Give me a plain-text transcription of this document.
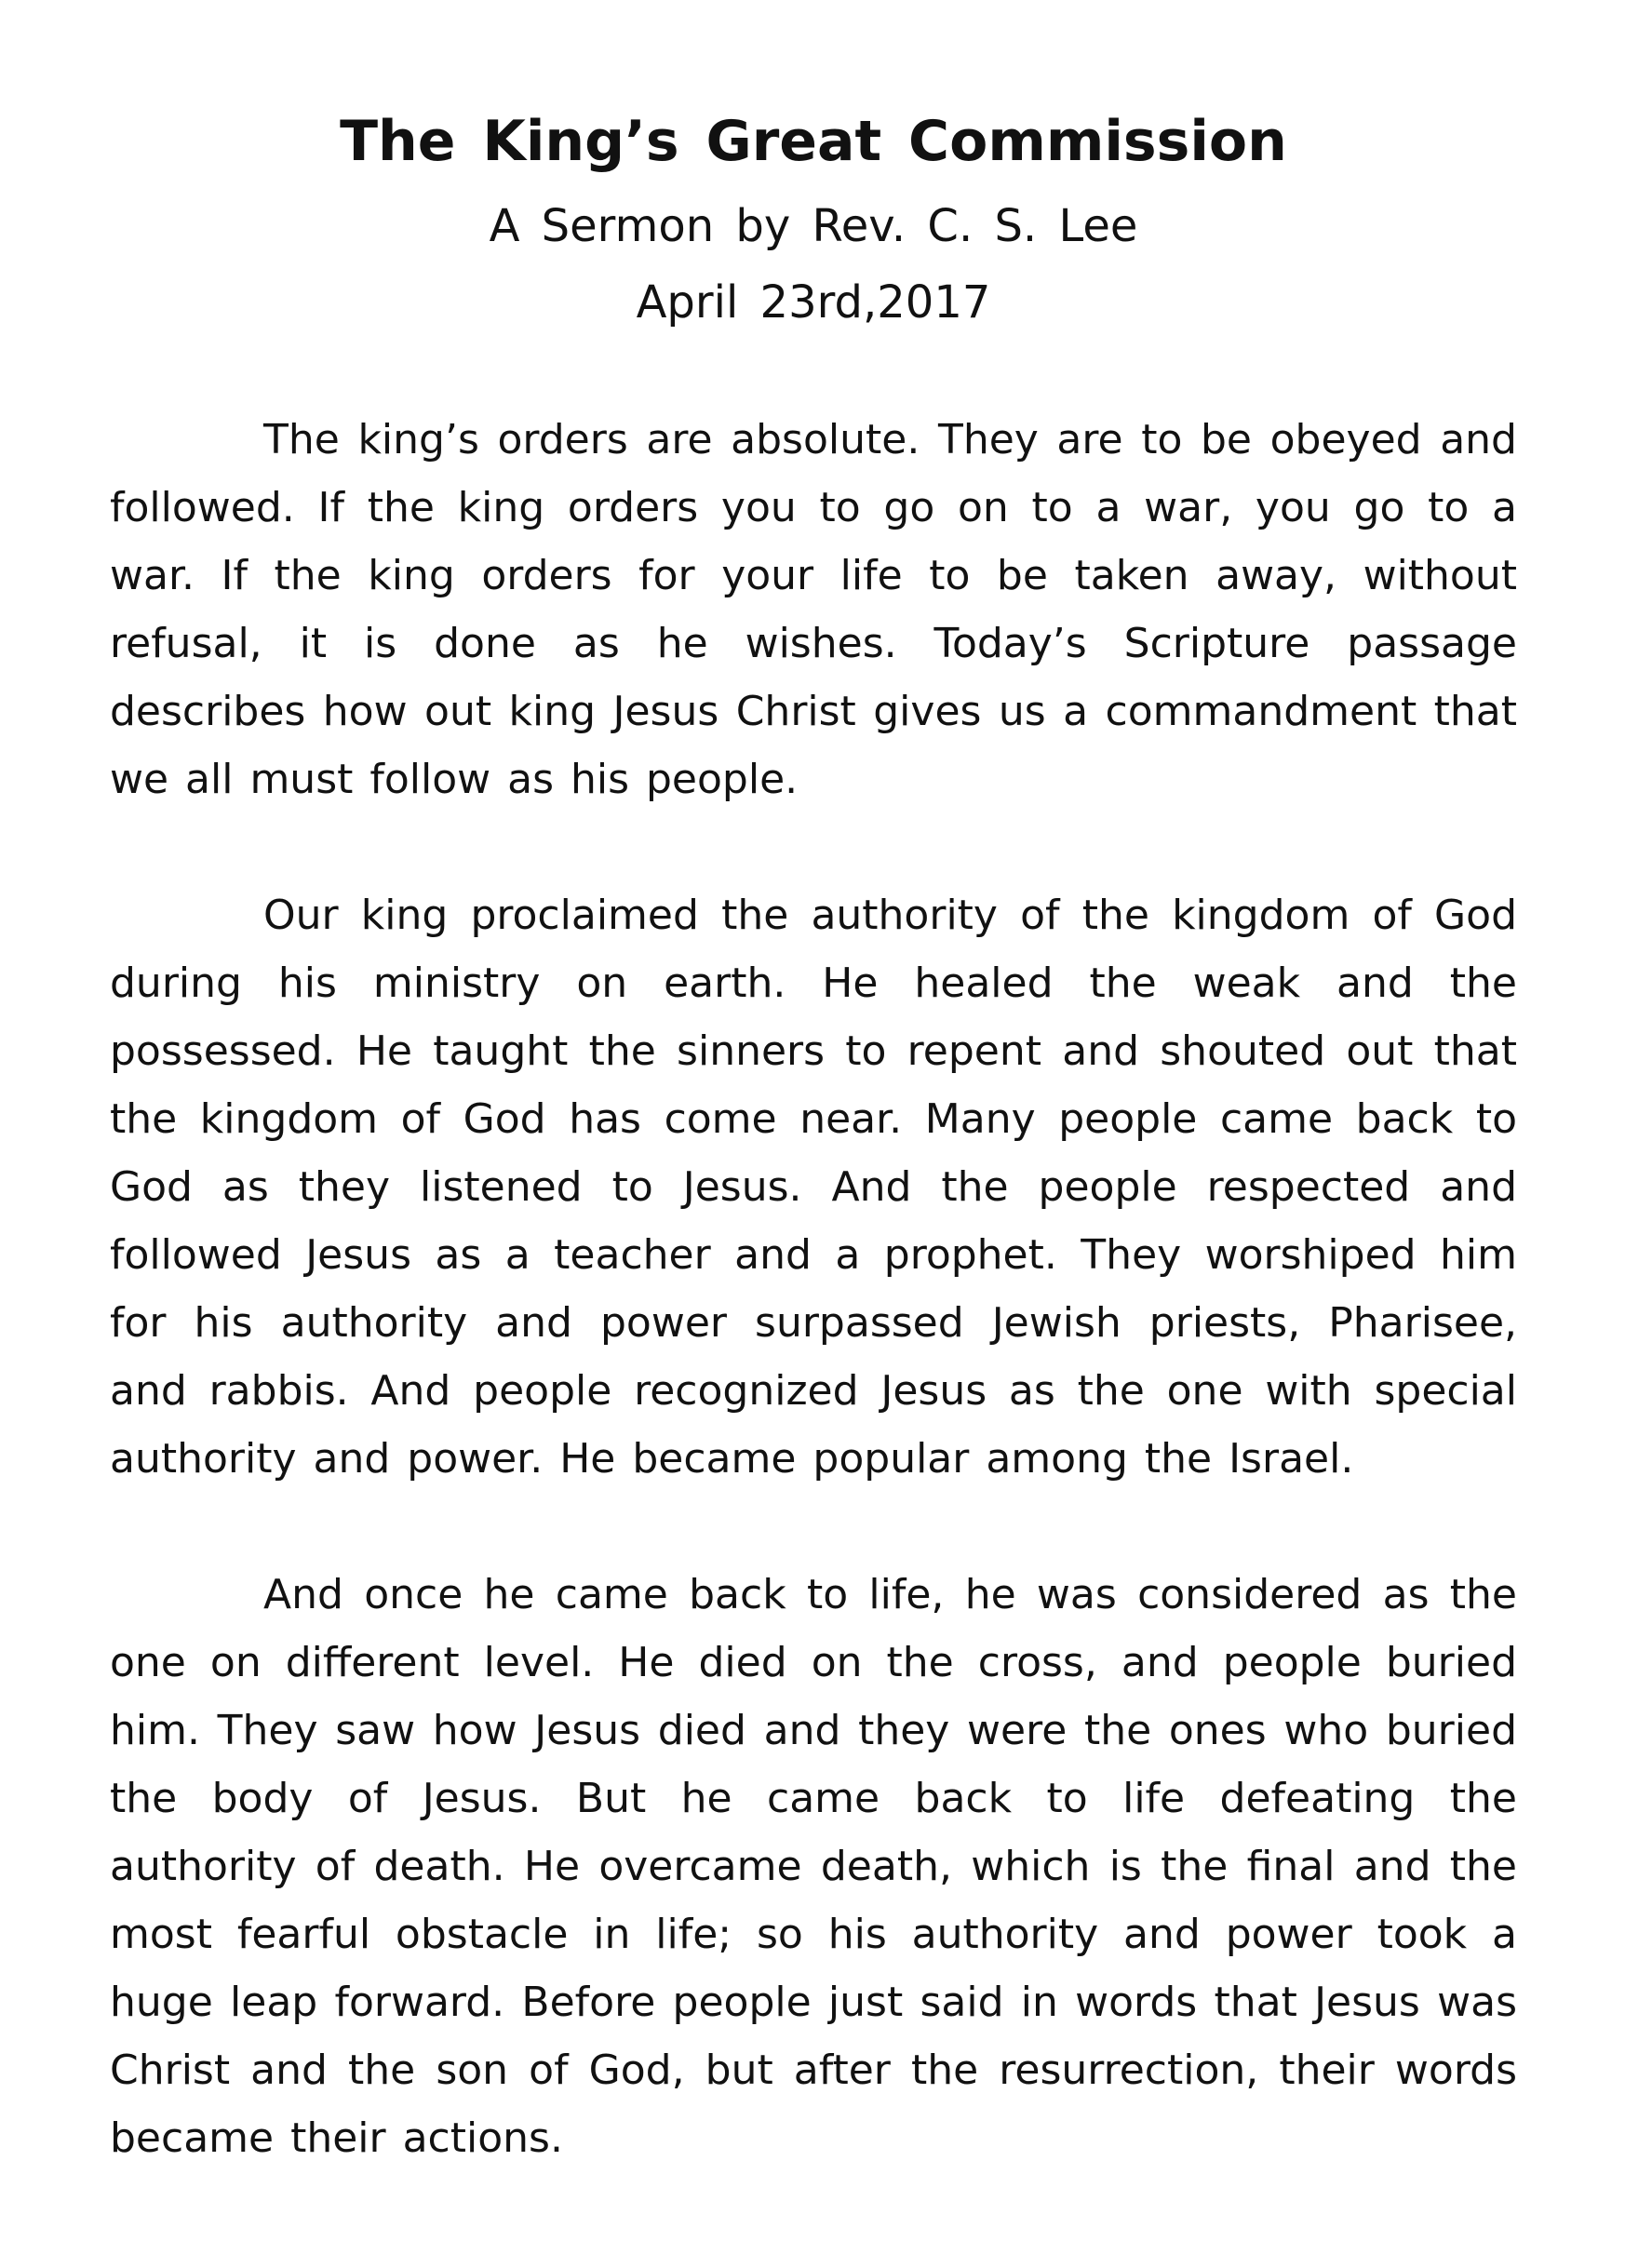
The King’s Great Commission
A Sermon by Rev. C. S. Lee
April 23rd,2017

The king’s orders are absolute. They are to be obeyed and followed. If the king orders you to go on to a war, you go to a war. If the king orders for your life to be taken away, without refusal, it is done as he wishes. Today’s Scripture passage describes how out king Jesus Christ gives us a commandment that we all must follow as his people.

Our king proclaimed the authority of the kingdom of God during his ministry on earth. He healed the weak and the possessed. He taught the sinners to repent and shouted out that the kingdom of God has come near. Many people came back to God as they listened to Jesus. And the people respected and followed Jesus as a teacher and a prophet. They worshiped him for his authority and power surpassed Jewish priests, Pharisee, and rabbis. And people recognized Jesus as the one with special authority and power. He became popular among the Israel.

And once he came back to life, he was considered as the one on different level. He died on the cross, and people buried him. They saw how Jesus died and they were the ones who buried the body of Jesus. But he came back to life defeating the authority of death. He overcame death, which is the final and the most fearful obstacle in life; so his authority and power took a huge leap forward. Before people just said in words that Jesus was Christ and the son of God, but after the resurrection, their words became their actions.
